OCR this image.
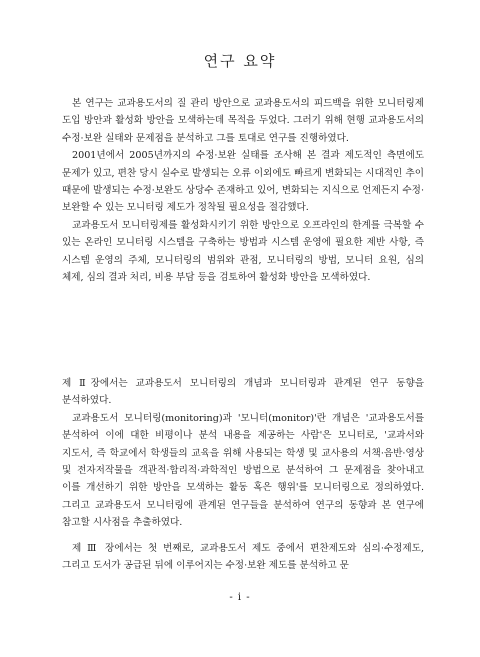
연구 요약

본 연구는 교과용도서의 질 관리 방안으로 교과용도서의 피드백을 위한 모니터링제 도입 방안과 활성화 방안을 모색하는데 목적을 두었다. 그러기 위해 현행 교과용도서의 수정·보완 실태와 문제점을 분석하고 그를 토대로 연구를 진행하였다.

2001년에서 2005년까지의 수정·보완 실태를 조사해 본 결과 제도적인 측면에도 문제가 있고, 편찬 당시 실수로 발생되는 오류 이외에도 빠르게 변화되는 시대적인 추이 때문에 발생되는 수정·보완도 상당수 존재하고 있어, 변화되는 지식으로 언제든지 수정·보완할 수 있는 모니터링 제도가 정착될 필요성을 절감했다.

교과용도서 모니터링제를 활성화시키기 위한 방안으로 오프라인의 한계를 극복할 수 있는 온라인 모니터링 시스템을 구축하는 방법과 시스템 운영에 필요한 제반 사항, 즉 시스템 운영의 주체, 모니터링의 범위와 관점, 모니터링의 방법, 모니터 요원, 심의 체제, 심의 결과 처리, 비용 부담 등을 검토하여 활성화 방안을 모색하였다.

제 Ⅱ장에서는 교과용도서 모니터링의 개념과 모니터링과 관계된 연구 동향을 분석하였다.

교과용도서 모니터링(monitoring)과 '모니터(monitor)'란 개념은 '교과용도서를 분석하여 이에 대한 비평이나 분석 내용을 제공하는 사람'은 모니터로, '교과서와 지도서, 즉 학교에서 학생들의 교육을 위해 사용되는 학생 및 교사용의 서책·음반·영상 및 전자저작물을 객관적·합리적·과학적인 방법으로 분석하여 그 문제점을 찾아내고 이를 개선하기 위한 방안을 모색하는 활동 혹은 행위'를 모니터링으로 정의하였다. 그리고 교과용도서 모니터링에 관계된 연구들을 분석하여 연구의 동향과 본 연구에 참고할 시사점을 추출하였다.

제 Ⅲ 장에서는 첫 번째로, 교과용도서 제도 중에서 편찬제도와 심의·수정제도, 그리고 도서가 공급된 뒤에 이루어지는 수정·보완 제도를 분석하고 문

- i -
